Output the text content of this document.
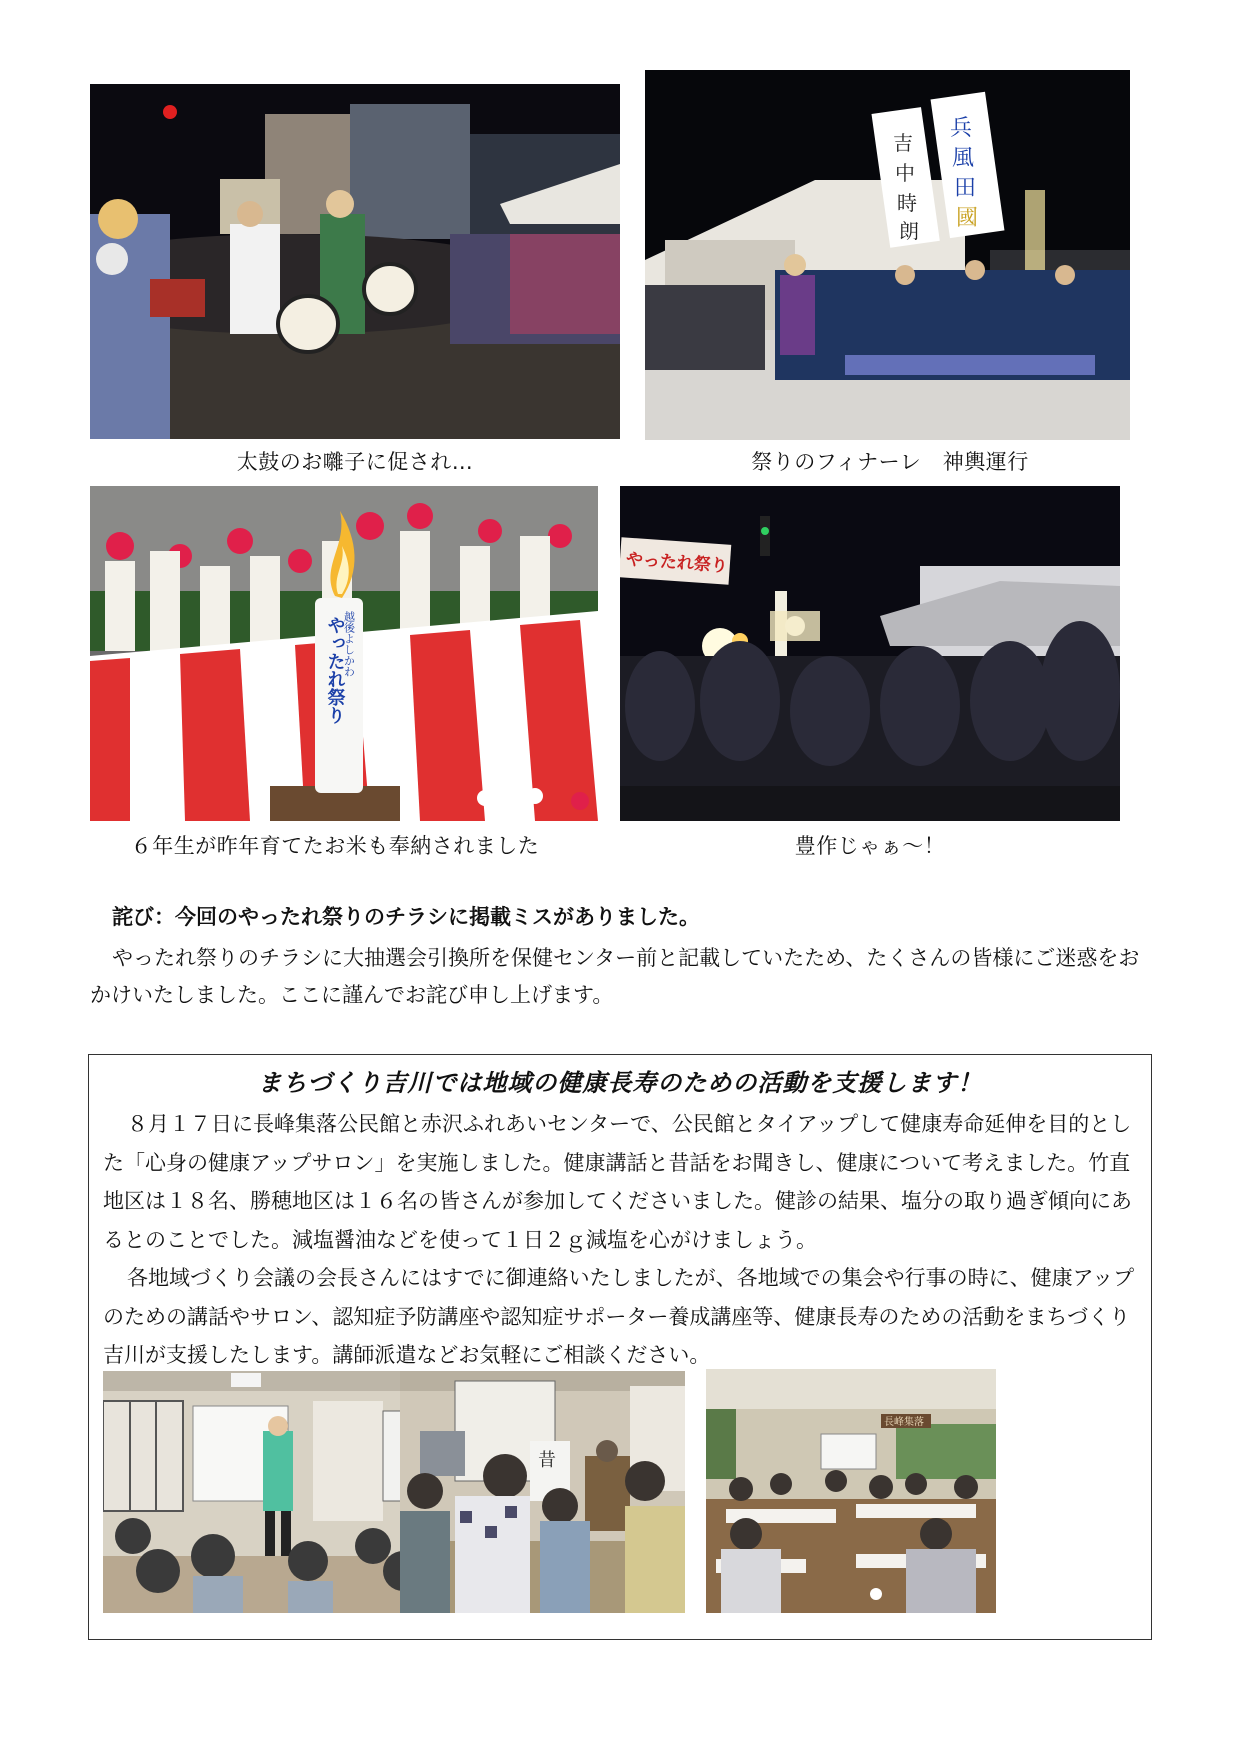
太鼓のお囃子に促され…
吉
中
時
朗
兵
風
田
國
祭りのフィナーレ　神輿運行
越後よしかわ
やったれ祭り
６年生が昨年育てたお米も奉納されました
やったれ祭り
豊作じゃぁ～！
詫び：今回のやったれ祭りのチラシに掲載ミスがありました。
やったれ祭りのチラシに大抽選会引換所を保健センター前と記載していたため、たくさんの皆様にご迷惑をおかけいたしました。ここに謹んでお詫び申し上げます。
まちづくり吉川では地域の健康長寿のための活動を支援します！

８月１７日に長峰集落公民館と赤沢ふれあいセンターで、公民館とタイアップして健康寿命延伸を目的とした「心身の健康アップサロン」を実施しました。健康講話と昔話をお聞きし、健康について考えました。竹直地区は１８名、勝穂地区は１６名の皆さんが参加してくださいました。健診の結果、塩分の取り過ぎ傾向にあるとのことでした。減塩醤油などを使って１日２ｇ減塩を心がけましょう。

各地域づくり会議の会長さんにはすでに御連絡いたしましたが、各地域での集会や行事の時に、健康アップのための講話やサロン、認知症予防講座や認知症サポーター養成講座等、健康長寿のための活動をまちづくり吉川が支援したします。講師派遣などお気軽にご相談ください。

昔
長峰集落
